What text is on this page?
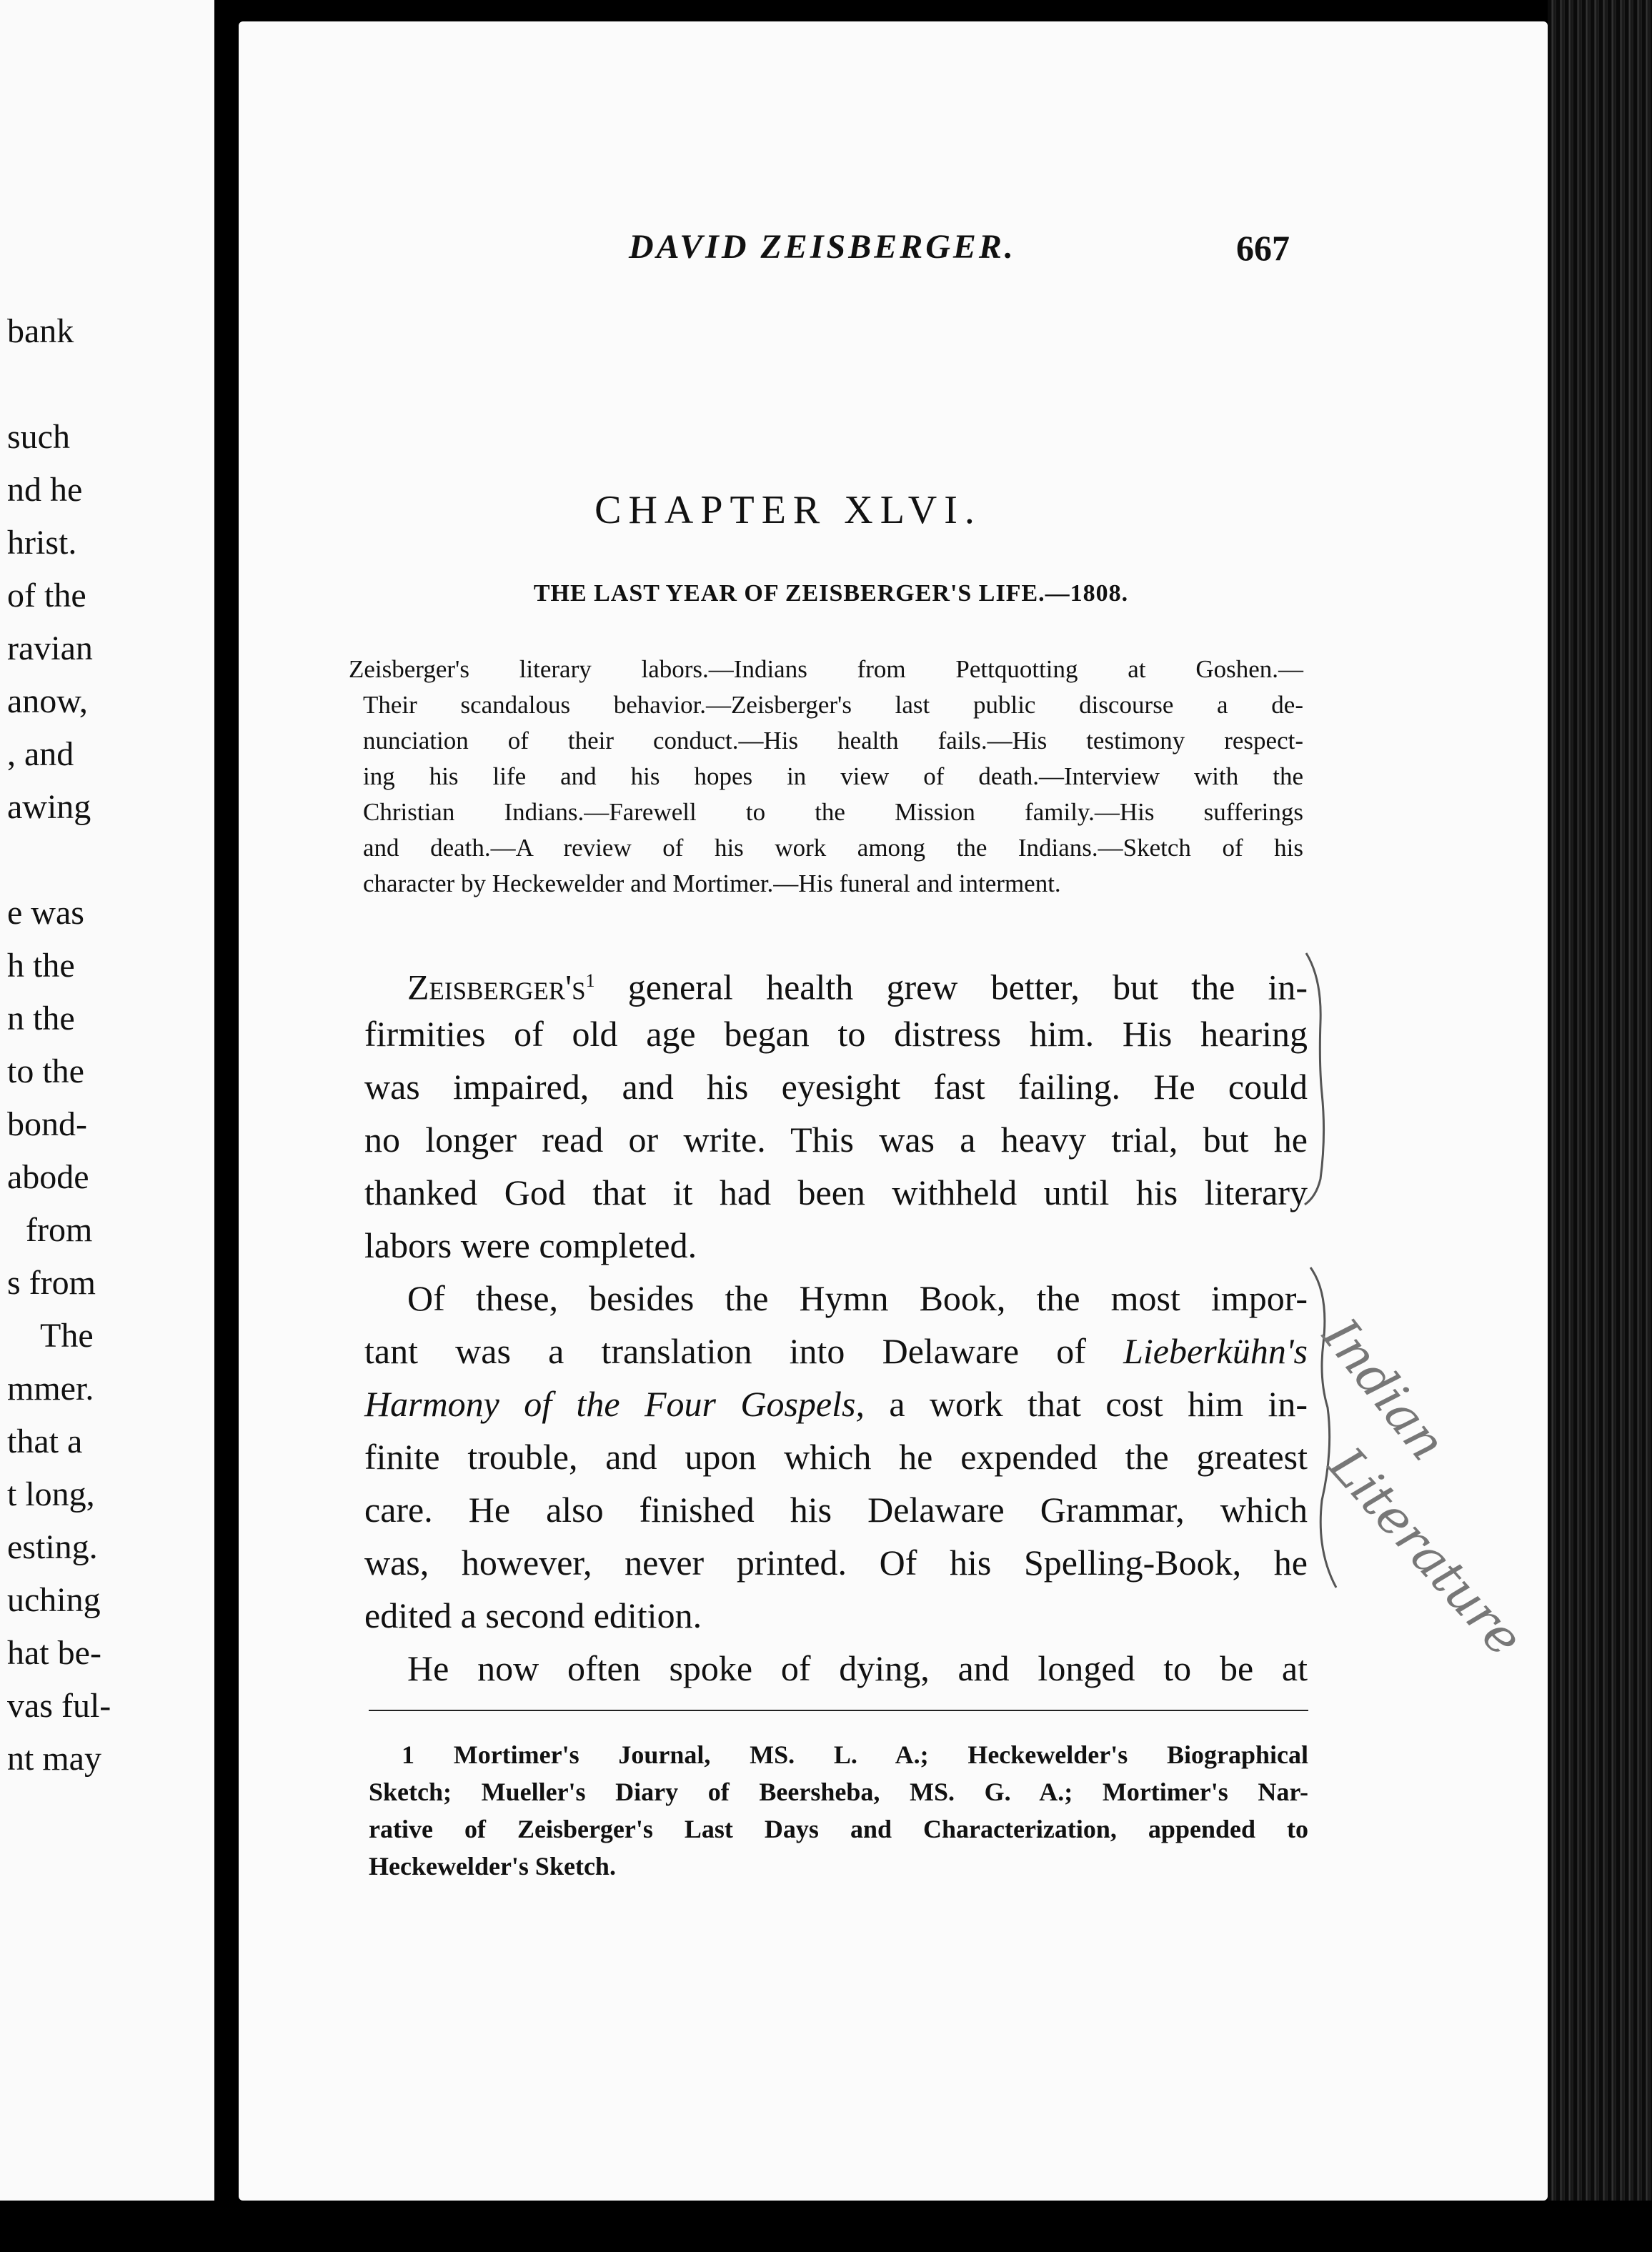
bank
such
nd he
hrist.
of the
ravian
anow,
, and
awing
e was
h the
n the
to the
bond-
abode
from
s from
The
mmer.
that a
t long,
esting.
uching
hat be-
vas ful-
nt may
DAVID ZEISBERGER.	667
CHAPTER XLVI.
THE LAST YEAR OF ZEISBERGER'S LIFE.—1808.
Zeisberger's literary labors.—Indians from Pettquotting at Goshen.—
Their scandalous behavior.—Zeisberger's last public discourse a de-
nunciation of their conduct.—His health fails.—His testimony respect-
ing his life and his hopes in view of death.—Interview with the
Christian Indians.—Farewell to the Mission family.—His sufferings
and death.—A review of his work among the Indians.—Sketch of his
character by Heckewelder and Mortimer.—His funeral and interment.
$Zeisberger's^1$ general health grew better, but the in-
firmities of old age began to distress him. His hearing
was impaired, and his eyesight fast failing. He could
no longer read or write. This was a heavy trial, but he
thanked God that it had been withheld until his literary
labors were completed.
Of these, besides the Hymn Book, the most impor-
tant was a translation into Delaware of Lieberkühn's
Harmony of the Four Gospels, a work that cost him in-
finite trouble, and upon which he expended the greatest
care. He also finished his Delaware Grammar, which
was, however, never printed. Of his Spelling-Book, he
edited a second edition.
He now often spoke of dying, and longed to be at
1 Mortimer's Journal, MS. L. A.; Heckewelder's Biographical
Sketch; Mueller's Diary of Beersheba, MS. G. A.; Mortimer's Nar-
rative of Zeisberger's Last Days and Characterization, appended to
Heckewelder's Sketch.
Indian
Literature
